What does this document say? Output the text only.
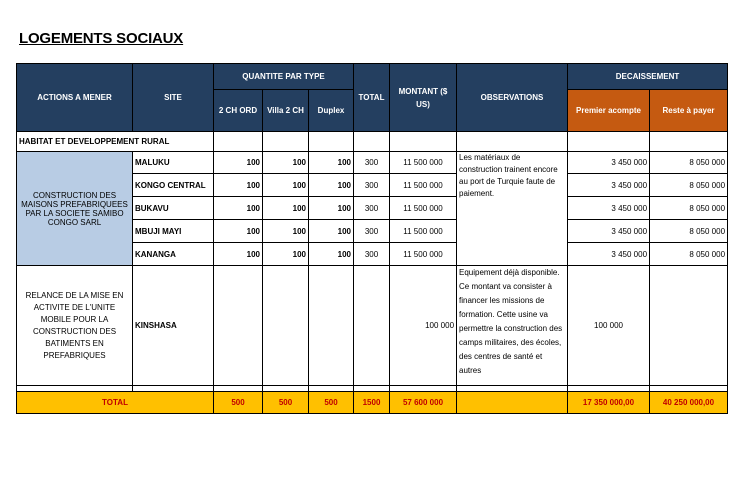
LOGEMENTS SOCIAUX
ACTIONS A MENER	SITE	QUANTITE PAR TYPE			TOTAL	MONTANT ($ US)	OBSERVATIONS	DECAISSEMENT	
		2 CH ORD	Villa 2 CH	Duplex				Premier acompte	Reste à payer

HABITAT ET DEVELOPPEMENT RURAL									
CONSTRUCTION DES MAISONS PREFABRIQUEES PAR LA SOCIETE SAMIBO CONGO SARL	MALUKU	100	100	100	300	11 500 000	Les matériaux de construction trainent encore au port de Turquie faute de paiement.	3 450 000	8 050 000
	KONGO CENTRAL	100	100	100	300	11 500 000		3 450 000	8 050 000
	BUKAVU	100	100	100	300	11 500 000		3 450 000	8 050 000
	MBUJI MAYI	100	100	100	300	11 500 000		3 450 000	8 050 000
	KANANGA	100	100	100	300	11 500 000		3 450 000	8 050 000
RELANCE DE LA MISE EN ACTIVITE DE L'UNITE MOBILE POUR LA CONSTRUCTION DES BATIMENTS EN PREFABRIQUES	KINSHASA					100 000	Equipement déjà disponible. Ce montant va consister à financer les missions de formation. Cette usine va permettre la construction des camps militaires, des écoles, des centres de santé et autres	100 000	

TOTAL		500	500	500	1500	57 600 000		17 350 000,00	40 250 000,00
